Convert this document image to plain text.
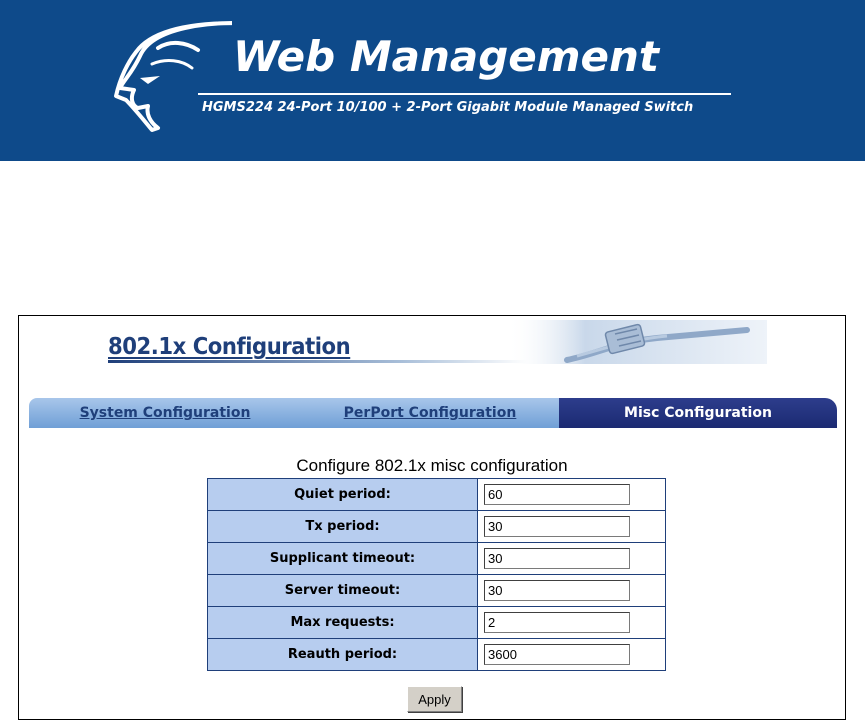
Web Management
HGMS224 24-Port 10/100 + 2-Port Gigabit Module Managed Switch
802.1x Configuration
System Configuration	PerPort Configuration	Misc Configuration
Configure 802.1x misc configuration
Quiet period:	60
Tx period:	30
Supplicant timeout:	30
Server timeout:	30
Max requests:	2
Reauth period:	3600
Apply
